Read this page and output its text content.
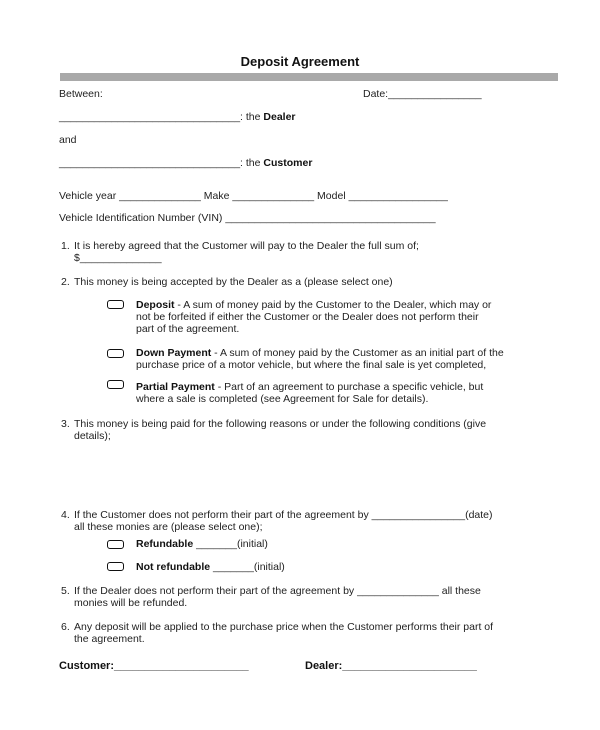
Deposit Agreement
Between:	Date:________________
_______________________________: the Dealer
and
_______________________________: the Customer
Vehicle year ______________ Make ______________ Model _________________
Vehicle Identification Number (VIN) ____________________________________
1. It is hereby agreed that the Customer will pay to the Dealer the full sum of;
$______________
2. This money is being accepted by the Dealer as a (please select one)
Deposit - A sum of money paid by the Customer to the Dealer, which may or
not be forfeited if either the Customer or the Dealer does not perform their
part of the agreement.
Down Payment - A sum of money paid by the Customer as an initial part of the
purchase price of a motor vehicle, but where the final sale is yet completed,
Partial Payment - Part of an agreement to purchase a specific vehicle, but
where a sale is completed (see Agreement for Sale for details).
3. This money is being paid for the following reasons or under the following conditions (give
details);
4. If the Customer does not perform their part of the agreement by ________________(date)
all these monies are (please select one);
Refundable _______(initial)
Not refundable _______(initial)
5. If the Dealer does not perform their part of the agreement by ______________ all these
monies will be refunded.
6. Any deposit will be applied to the purchase price when the Customer performs their part of
the agreement.
Customer:______________________	Dealer:______________________
